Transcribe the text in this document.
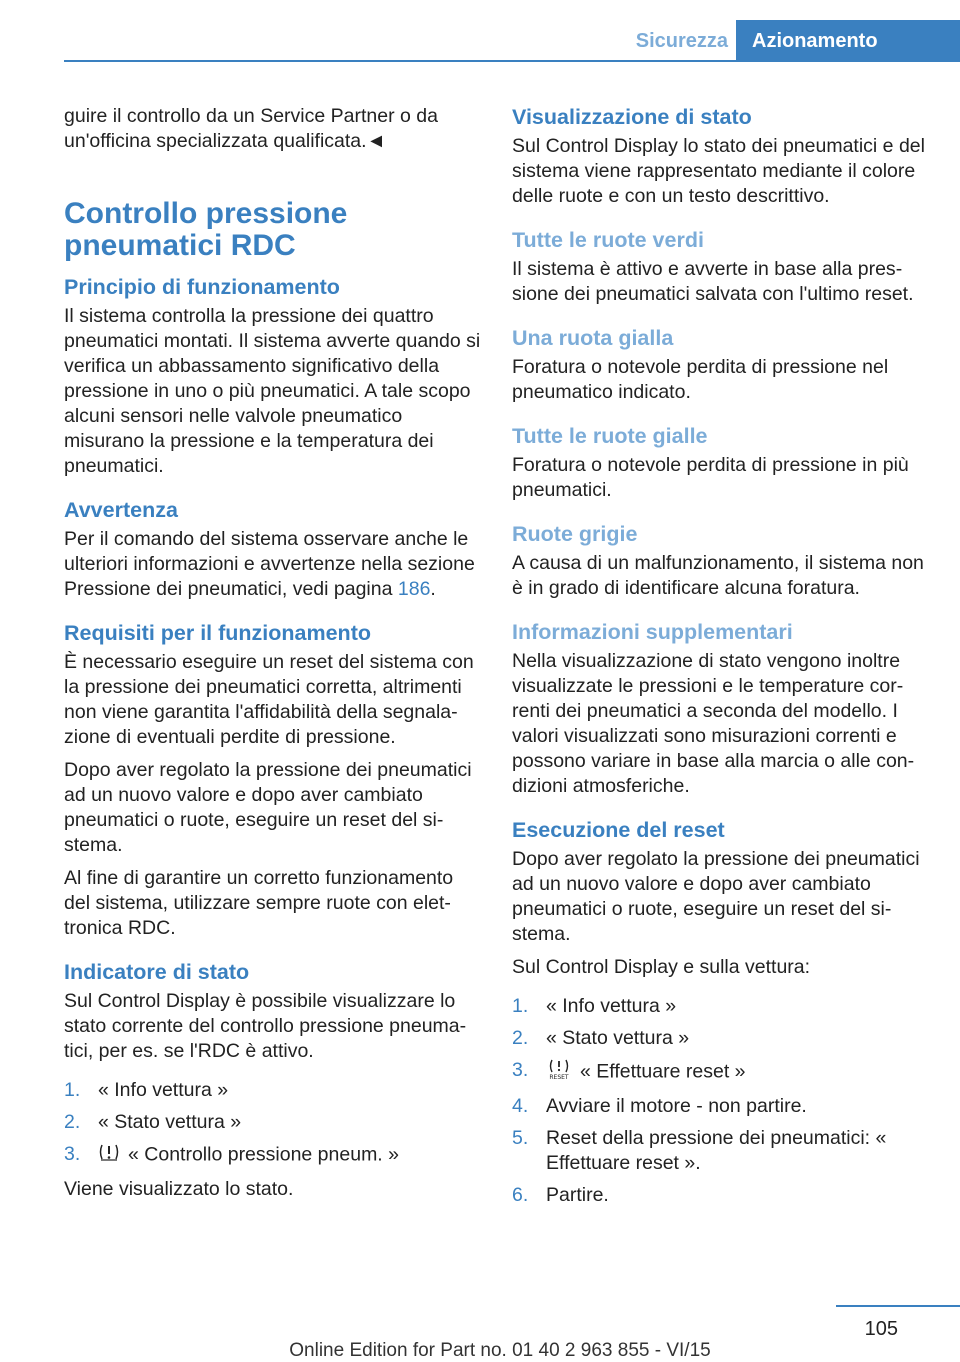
Sicurezza	Azionamento

guire il controllo da un Service Partner o da un'officina specializzata qualificata.◄

Controllo pressione pneumatici RDC
Principio di funzionamento

Il sistema controlla la pressione dei quattro pneumatici montati. Il sistema avverte quando si verifica un abbassamento significativo della pressione in uno o più pneumatici. A tale scopo alcuni sensori nelle valvole pneumatico misurano la pressione e la temperatura dei pneumatici.

Avvertenza

Per il comando del sistema osservare anche le ulteriori informazioni e avvertenze nella sezione Pressione dei pneumatici, vedi pagina 186.

Requisiti per il funzionamento

È necessario eseguire un reset del sistema con la pressione dei pneumatici corretta, altrimenti non viene garantita l'affidabilità della segnalazione di eventuali perdite di pressione.

Dopo aver regolato la pressione dei pneumatici ad un nuovo valore e dopo aver cambiato pneumatici o ruote, eseguire un reset del sistema.

Al fine di garantire un corretto funzionamento del sistema, utilizzare sempre ruote con elettronica RDC.

Indicatore di stato

Sul Control Display è possibile visualizzare lo stato corrente del controllo pressione pneumatici, per es. se l'RDC è attivo.

1. « Info vettura »
2. « Stato vettura »
3.	« Controllo pressione pneum. »

Viene visualizzato lo stato.

Visualizzazione di stato

Sul Control Display lo stato dei pneumatici e del sistema viene rappresentato mediante il colore delle ruote e con un testo descrittivo.

Tutte le ruote verdi

Il sistema è attivo e avverte in base alla pressione dei pneumatici salvata con l'ultimo reset.

Una ruota gialla

Foratura o notevole perdita di pressione nel pneumatico indicato.

Tutte le ruote gialle

Foratura o notevole perdita di pressione in più pneumatici.

Ruote grigie

A causa di un malfunzionamento, il sistema non è in grado di identificare alcuna foratura.

Informazioni supplementari

Nella visualizzazione di stato vengono inoltre visualizzate le pressioni e le temperature correnti dei pneumatici a seconda del modello. I valori visualizzati sono misurazioni correnti e possono variare in base alla marcia o alle condizioni atmosferiche.

Esecuzione del reset

Dopo aver regolato la pressione dei pneumatici ad un nuovo valore e dopo aver cambiato pneumatici o ruote, eseguire un reset del sistema.

Sul Control Display e sulla vettura:

1. « Info vettura »
2. « Stato vettura »
3.	RESET « Effettuare reset »
4. Avviare il motore - non partire.
5. Reset della pressione dei pneumatici: « Effettuare reset ».
6. Partire.
105
Online Edition for Part no. 01 40 2 963 855 - VI/15
